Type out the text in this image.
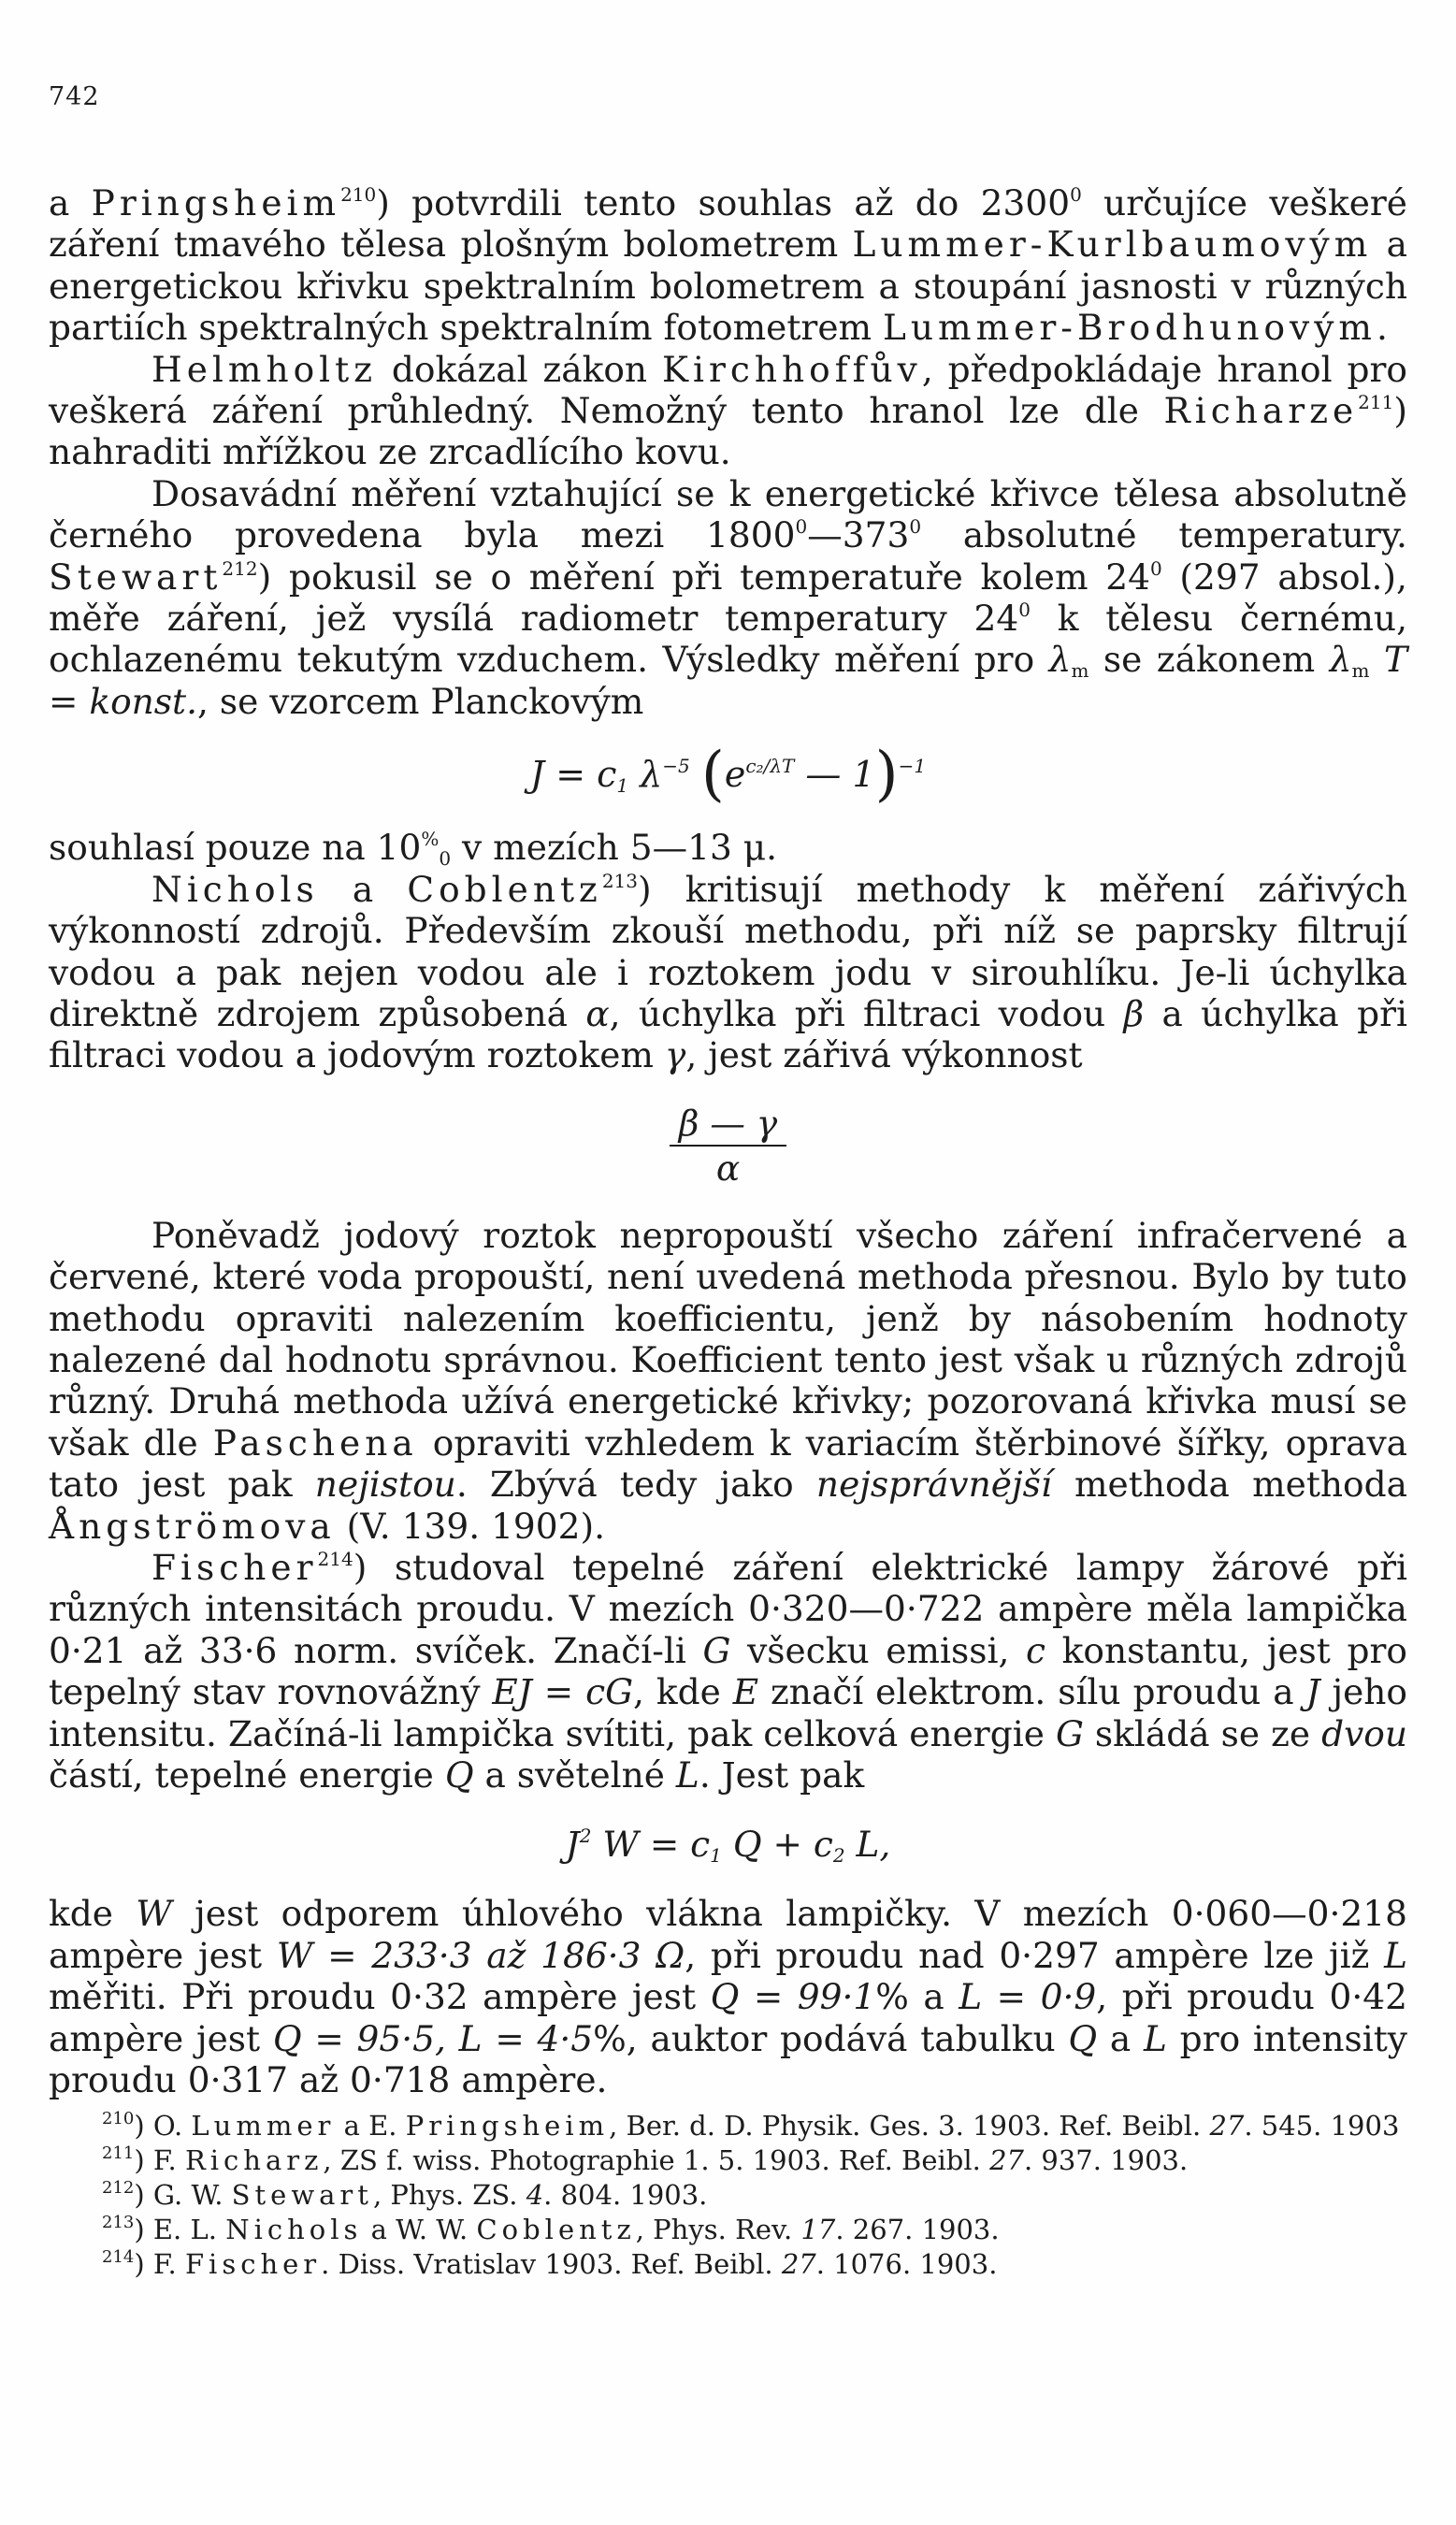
742

a Pringsheim$^{210}$) potvrdili tento souhlas až do 2300$^0$ určujíce veškeré záření tmavého tělesa plošným bolometrem Lummer-Kurlbaumovým a energetickou křivku spektralním bolometrem a stoupání jasnosti v různých partiích spektralných spektralním fotometrem Lummer-Brodhunovým.

Helmholtz dokázal zákon Kirchhoffův, předpokládaje hranol pro veškerá záření průhledný. Nemožný tento hranol lze dle Richarze$^{211}$) nahraditi mřížkou ze zrcadlícího kovu.

Dosavádní měření vztahující se k energetické křivce tělesa absolutně černého provedena byla mezi $1800^0—373^0$ absolutné temperatury. Stewart$^{212}$) pokusil se o měření při temperatuře kolem $24^0$ (297 absol.), měře záření, jež vysílá radiometr temperatury $24^0$ k tělesu černému, ochlazenému tekutým vzduchem. Výsledky měření pro $\lambda_m$ se zákonem $\lambda_m$ T = konst., se vzorcem Planckovým

$J = c_1$ $\lambda^{-5}$ ($e^{c_2/\lambda T}$ — 1)$^{-1}$

souhlasí pouze na $10^{\%}_0$ v mezích 5—13 μ.

Nichols a Coblentz$^{213}$) kritisují methody k měření zářivých výkonností zdrojů. Především zkouší methodu, při níž se paprsky filtrují vodou a pak nejen vodou ale i roztokem jodu v sirouhlíku. Je-li úchylka direktně zdrojem způsobená α, úchylka při filtraci vodou β a úchylka při filtraci vodou a jodovým roztokem γ, jest zářivá výkonnost

$\frac{\beta — \gamma}{\alpha}$

Poněvadž jodový roztok nepropouští všecho záření infračervené a červené, které voda propouští, není uvedená methoda přesnou. Bylo by tuto methodu opraviti nalezením koefficientu, jenž by násobením hodnoty nalezené dal hodnotu správnou. Koefficient tento jest však u různých zdrojů různý. Druhá methoda užívá energetické křivky; pozorovaná křivka musí se však dle Paschena opraviti vzhledem k variacím štěrbinové šířky, oprava tato jest pak nejistou. Zbývá tedy jako nejsprávnější methoda methoda Ångströmova (V. 139. 1902).

Fischer$^{214}$) studoval tepelné záření elektrické lampy žárové při různých intensitách proudu. V mezích 0·320—0·722 ampère měla lampička 0·21 až 33·6 norm. svíček. Značí-li G všecku emissi, c konstantu, jest pro tepelný stav rovnovážný EJ = cG, kde E značí elektrom. sílu proudu a J jeho intensitu. Začíná-li lampička svítiti, pak celková energie G skládá se ze dvou částí, tepelné energie Q a světelné L. Jest pak

$J^2$ $W = c_1$ $Q + c_2$ L,

kde W jest odporem úhlového vlákna lampičky. V mezích 0·060—0·218 ampère jest W = 233·3 až 186·3 Ω, při proudu nad 0·297 ampère lze již L měřiti. Při proudu 0·32 ampère jest Q = 99·1% a L = 0·9, při proudu 0·42 ampère jest Q = 95·5, L = 4·5%, auktor podává tabulku Q a L pro intensity proudu 0·317 až 0·718 ampère.

$^{210}$) O. Lummer a E. Pringsheim, Ber. d. D. Physik. Ges. 3. 1903. Ref. Beibl. 27. 545. 1903

$^{211}$) F. Richarz, ZS f. wiss. Photographie 1. 5. 1903. Ref. Beibl. 27. 937. 1903.

$^{212}$) G. W. Stewart, Phys. ZS. 4. 804. 1903.

$^{213}$) E. L. Nichols a W. W. Coblentz, Phys. Rev. 17. 267. 1903.

$^{214}$) F. Fischer. Diss. Vratislav 1903. Ref. Beibl. 27. 1076. 1903.
